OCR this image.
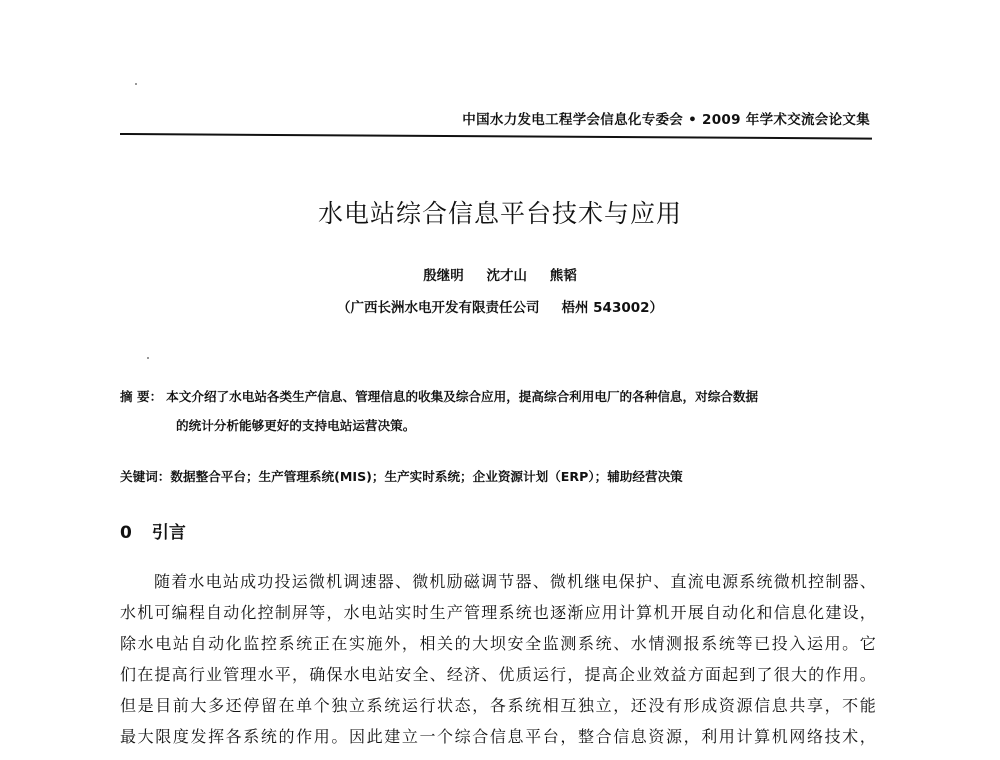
中国水力发电工程学会信息化专委会 • 2009 年学术交流会论文集
水电站综合信息平台技术与应用
殷继明 沈才山 熊韬
（广西长洲水电开发有限责任公司 梧州 543002）
摘 要： 本文介绍了水电站各类生产信息、管理信息的收集及综合应用，提高综合利用电厂的各种信息，对综合数据
的统计分析能够更好的支持电站运营决策。
关键词：数据整合平台；生产管理系统(MIS)；生产实时系统；企业资源计划（ERP）；辅助经营决策
0 引言
随着水电站成功投运微机调速器、微机励磁调节器、微机继电保护、直流电源系统微机控制器、
水机可编程自动化控制屏等，水电站实时生产管理系统也逐渐应用计算机开展自动化和信息化建设，
除水电站自动化监控系统正在实施外，相关的大坝安全监测系统、水情测报系统等已投入运用。它
们在提高行业管理水平，确保水电站安全、经济、优质运行，提高企业效益方面起到了很大的作用。
但是目前大多还停留在单个独立系统运行状态，各系统相互独立，还没有形成资源信息共享，不能
最大限度发挥各系统的作用。因此建立一个综合信息平台，整合信息资源，利用计算机网络技术，
